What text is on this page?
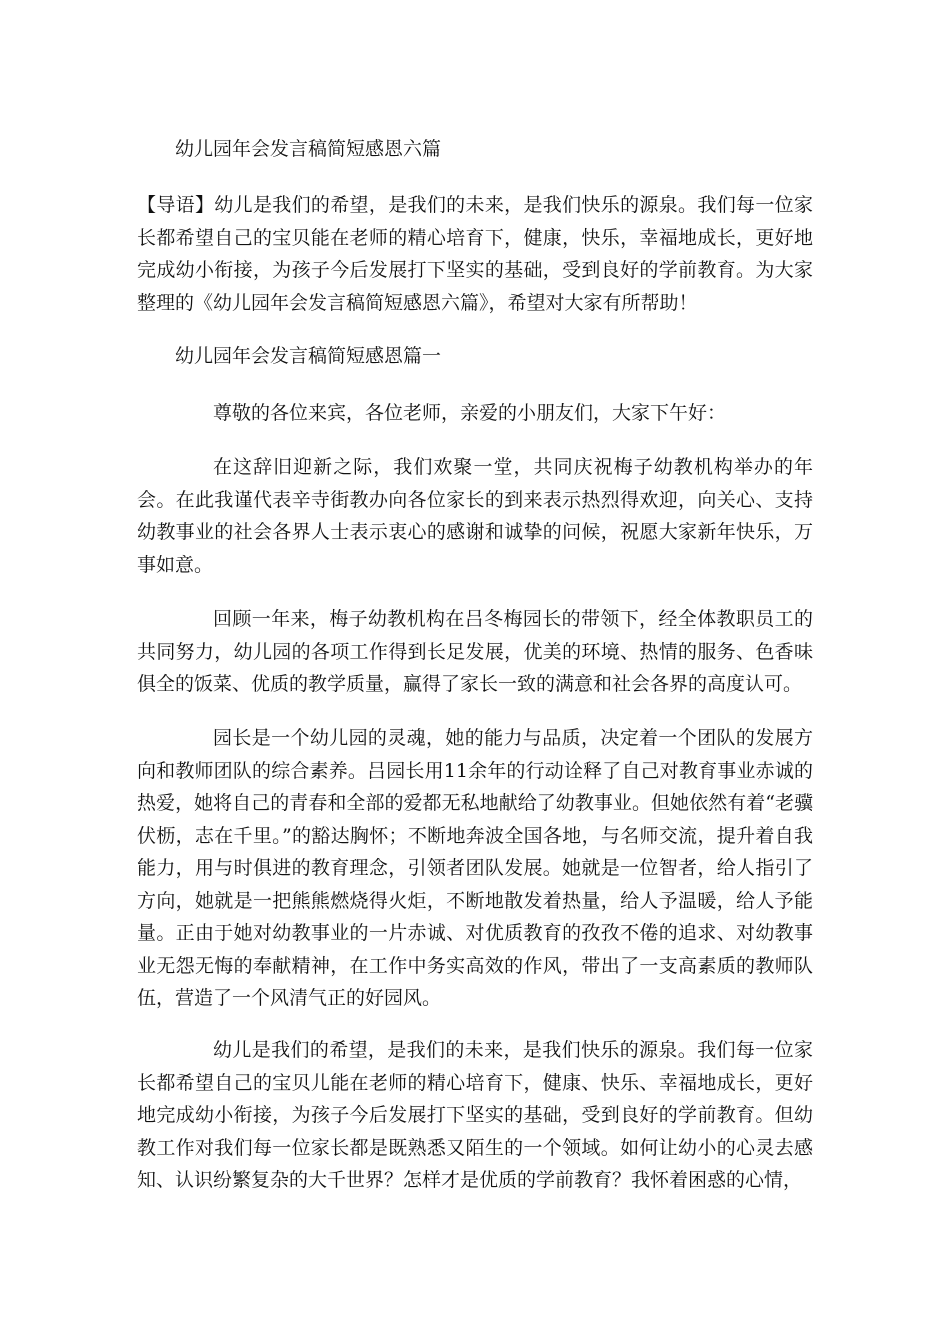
幼儿园年会发言稿简短感恩六篇

【导语】幼儿是我们的希望，是我们的未来，是我们快乐的源泉。我们每一位家长都希望自己的宝贝能在老师的精心培育下，健康，快乐，幸福地成长，更好地完成幼小衔接，为孩子今后发展打下坚实的基础，受到良好的学前教育。为大家整理的《幼儿园年会发言稿简短感恩六篇》，希望对大家有所帮助！

幼儿园年会发言稿简短感恩篇一
尊敬的各位来宾，各位老师，亲爱的小朋友们，大家下午好：

在这辞旧迎新之际，我们欢聚一堂，共同庆祝梅子幼教机构举办的年会。在此我谨代表辛寺街教办向各位家长的到来表示热烈得欢迎，向关心、支持幼教事业的社会各界人士表示衷心的感谢和诚挚的问候，祝愿大家新年快乐，万事如意。

回顾一年来，梅子幼教机构在吕冬梅园长的带领下，经全体教职员工的共同努力，幼儿园的各项工作得到长足发展，优美的环境、热情的服务、色香味俱全的饭菜、优质的教学质量，赢得了家长一致的满意和社会各界的高度认可。

园长是一个幼儿园的灵魂，她的能力与品质，决定着一个团队的发展方向和教师团队的综合素养。吕园长用11余年的行动诠释了自己对教育事业赤诚的热爱，她将自己的青春和全部的爱都无私地献给了幼教事业。但她依然有着“老骥伏枥，志在千里。”的豁达胸怀；不断地奔波全国各地，与名师交流，提升着自我能力，用与时俱进的教育理念，引领者团队发展。她就是一位智者，给人指引了方向，她就是一把熊熊燃烧得火炬，不断地散发着热量，给人予温暖，给人予能量。正由于她对幼教事业的一片赤诚、对优质教育的孜孜不倦的追求、对幼教事业无怨无悔的奉献精神，在工作中务实高效的作风，带出了一支高素质的教师队伍，营造了一个风清气正的好园风。

幼儿是我们的希望，是我们的未来，是我们快乐的源泉。我们每一位家长都希望自己的宝贝儿能在老师的精心培育下，健康、快乐、幸福地成长，更好地完成幼小衔接，为孩子今后发展打下坚实的基础，受到良好的学前教育。但幼教工作对我们每一位家长都是既熟悉又陌生的一个领域。如何让幼小的心灵去感知、认识纷繁复杂的大千世界？怎样才是优质的学前教育？我怀着困惑的心情，
